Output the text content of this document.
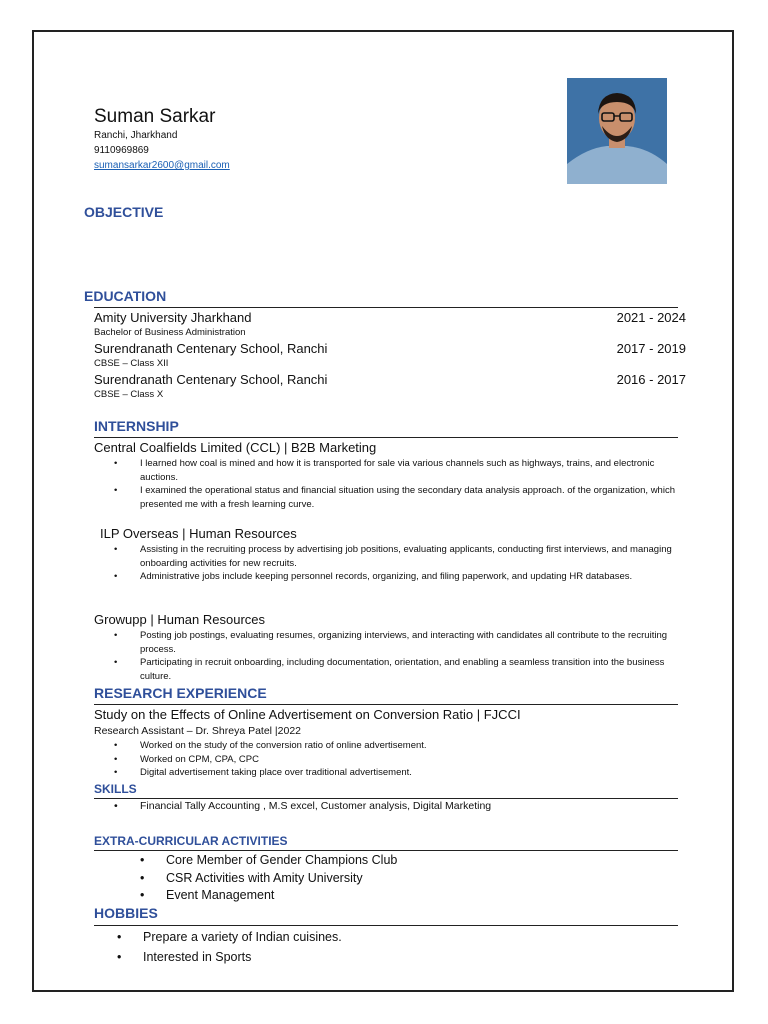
Suman Sarkar
Ranchi, Jharkhand
9110969869
sumansarkar2600@gmail.com
OBJECTIVE
EDUCATION
Amity University Jharkhand	2021 - 2024
Bachelor of Business Administration
Surendranath Centenary School, Ranchi	2017 - 2019
CBSE – Class XII
Surendranath Centenary School, Ranchi	2016 - 2017
CBSE – Class X
INTERNSHIP
Central Coalfields Limited (CCL) | B2B Marketing
• I learned how coal is mined and how it is transported for sale via various channels such as highways, trains, and electronic auctions.
• I examined the operational status and financial situation using the secondary data analysis approach. of the organization, which presented me with a fresh learning curve.
ILP Overseas | Human Resources
• Assisting in the recruiting process by advertising job positions, evaluating applicants, conducting first interviews, and managing onboarding activities for new recruits.
• Administrative jobs include keeping personnel records, organizing, and filing paperwork, and updating HR databases.
Growupp | Human Resources
• Posting job postings, evaluating resumes, organizing interviews, and interacting with candidates all contribute to the recruiting process.
• Participating in recruit onboarding, including documentation, orientation, and enabling a seamless transition into the business culture.
RESEARCH EXPERIENCE
Study on the Effects of Online Advertisement on Conversion Ratio | FJCCI
Research Assistant – Dr. Shreya Patel |2022
• Worked on the study of the conversion ratio of online advertisement.
• Worked on CPM, CPA, CPC
• Digital advertisement taking place over traditional advertisement.
SKILLS
• Financial Tally Accounting , M.S excel, Customer analysis, Digital Marketing
EXTRA-CURRICULAR ACTIVITIES
• Core Member of Gender Champions Club
• CSR Activities with Amity University
• Event Management
HOBBIES
• Prepare a variety of Indian cuisines.
• Interested in Sports
